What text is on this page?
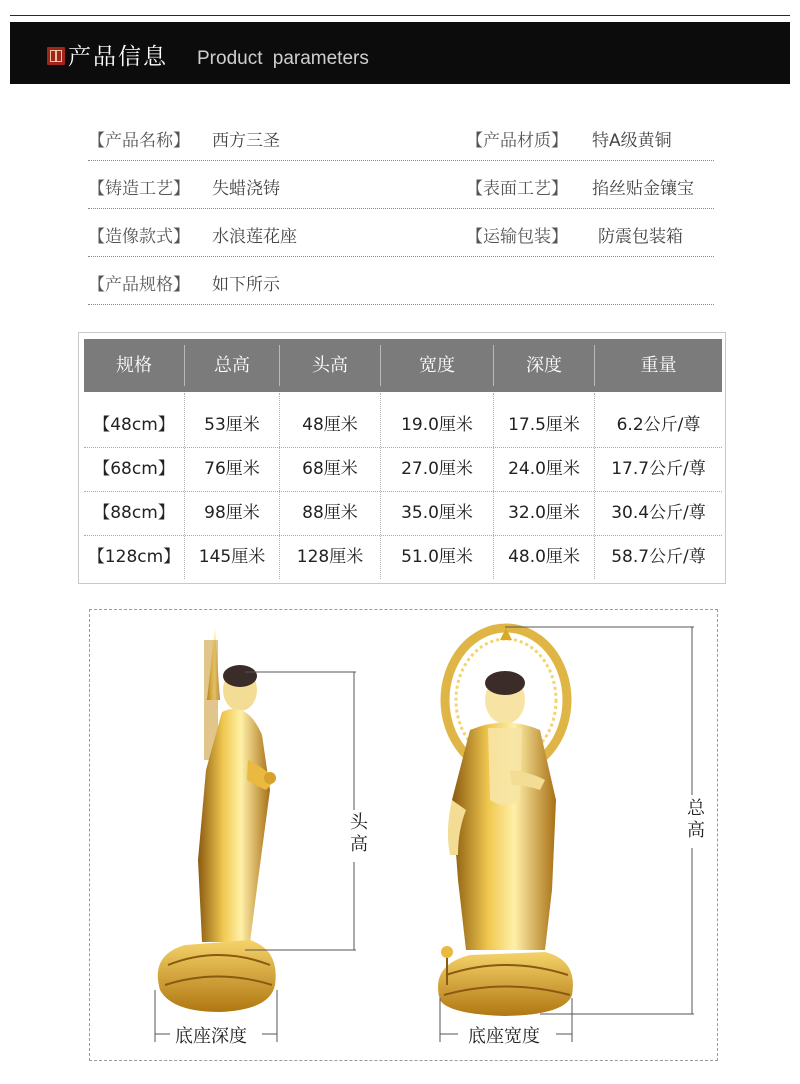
产品信息 Product parameters
【产品名称】 西方三圣	【产品材质】 特A级黄铜
【铸造工艺】 失蜡浇铸	【表面工艺】 掐丝贴金镶宝
【造像款式】 水浪莲花座	【运输包装】 防震包装箱
【产品规格】 如下所示
规格	总高	头高	宽度	深度	重量
【48cm】	53厘米	48厘米	19.0厘米	17.5厘米	6.2公斤/尊
【68cm】	76厘米	68厘米	27.0厘米	24.0厘米	17.7公斤/尊
【88cm】	98厘米	88厘米	35.0厘米	32.0厘米	30.4公斤/尊
【128cm】	145厘米	128厘米	51.0厘米	48.0厘米	58.7公斤/尊
头高	总高
底座深度	底座宽度
